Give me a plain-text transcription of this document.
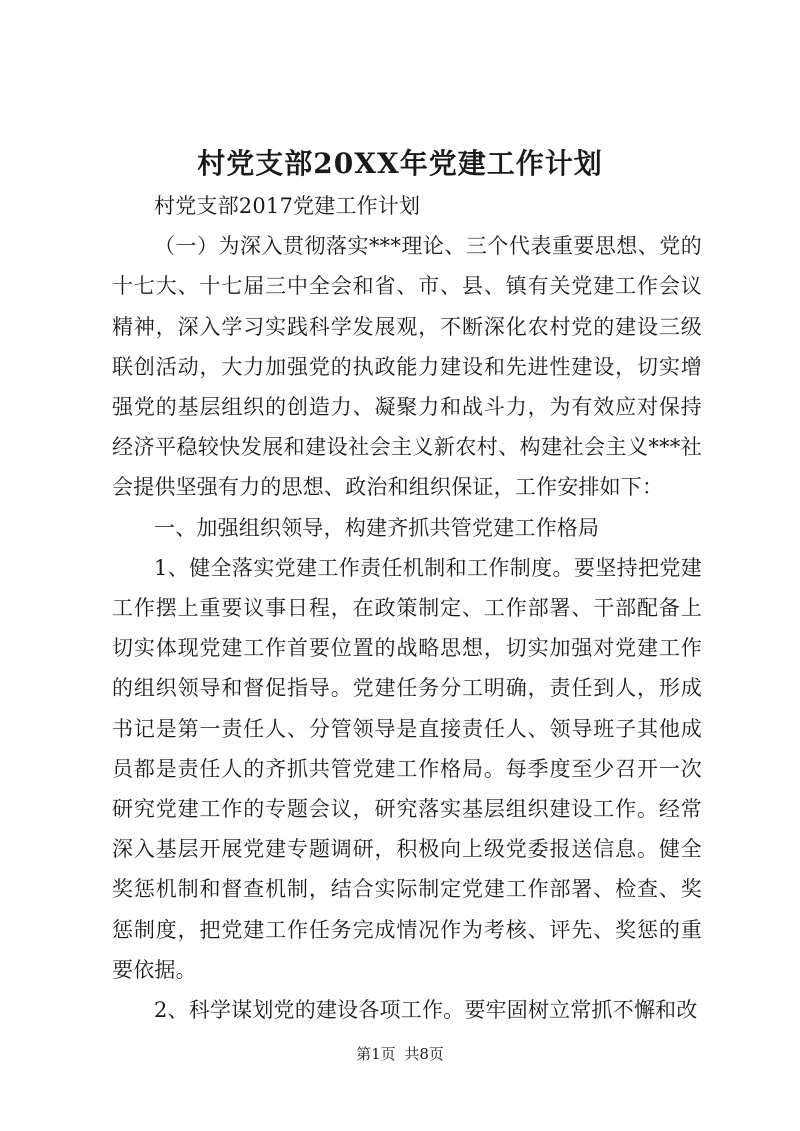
村党支部20XX年党建工作计划

村党支部2017党建工作计划

（一）为深入贯彻落实***理论、三个代表重要思想、党的十七大、十七届三中全会和省、市、县、镇有关党建工作会议精神，深入学习实践科学发展观，不断深化农村党的建设三级联创活动，大力加强党的执政能力建设和先进性建设，切实增强党的基层组织的创造力、凝聚力和战斗力，为有效应对保持经济平稳较快发展和建设社会主义新农村、构建社会主义***社会提供坚强有力的思想、政治和组织保证，工作安排如下：

一、加强组织领导，构建齐抓共管党建工作格局

1、健全落实党建工作责任机制和工作制度。要坚持把党建工作摆上重要议事日程，在政策制定、工作部署、干部配备上切实体现党建工作首要位置的战略思想，切实加强对党建工作的组织领导和督促指导。党建任务分工明确，责任到人，形成书记是第一责任人、分管领导是直接责任人、领导班子其他成员都是责任人的齐抓共管党建工作格局。每季度至少召开一次研究党建工作的专题会议，研究落实基层组织建设工作。经常深入基层开展党建专题调研，积极向上级党委报送信息。健全奖惩机制和督查机制，结合实际制定党建工作部署、检查、奖惩制度，把党建工作任务完成情况作为考核、评先、奖惩的重要依据。

2、科学谋划党的建设各项工作。要牢固树立常抓不懈和改

第1页 共8页
